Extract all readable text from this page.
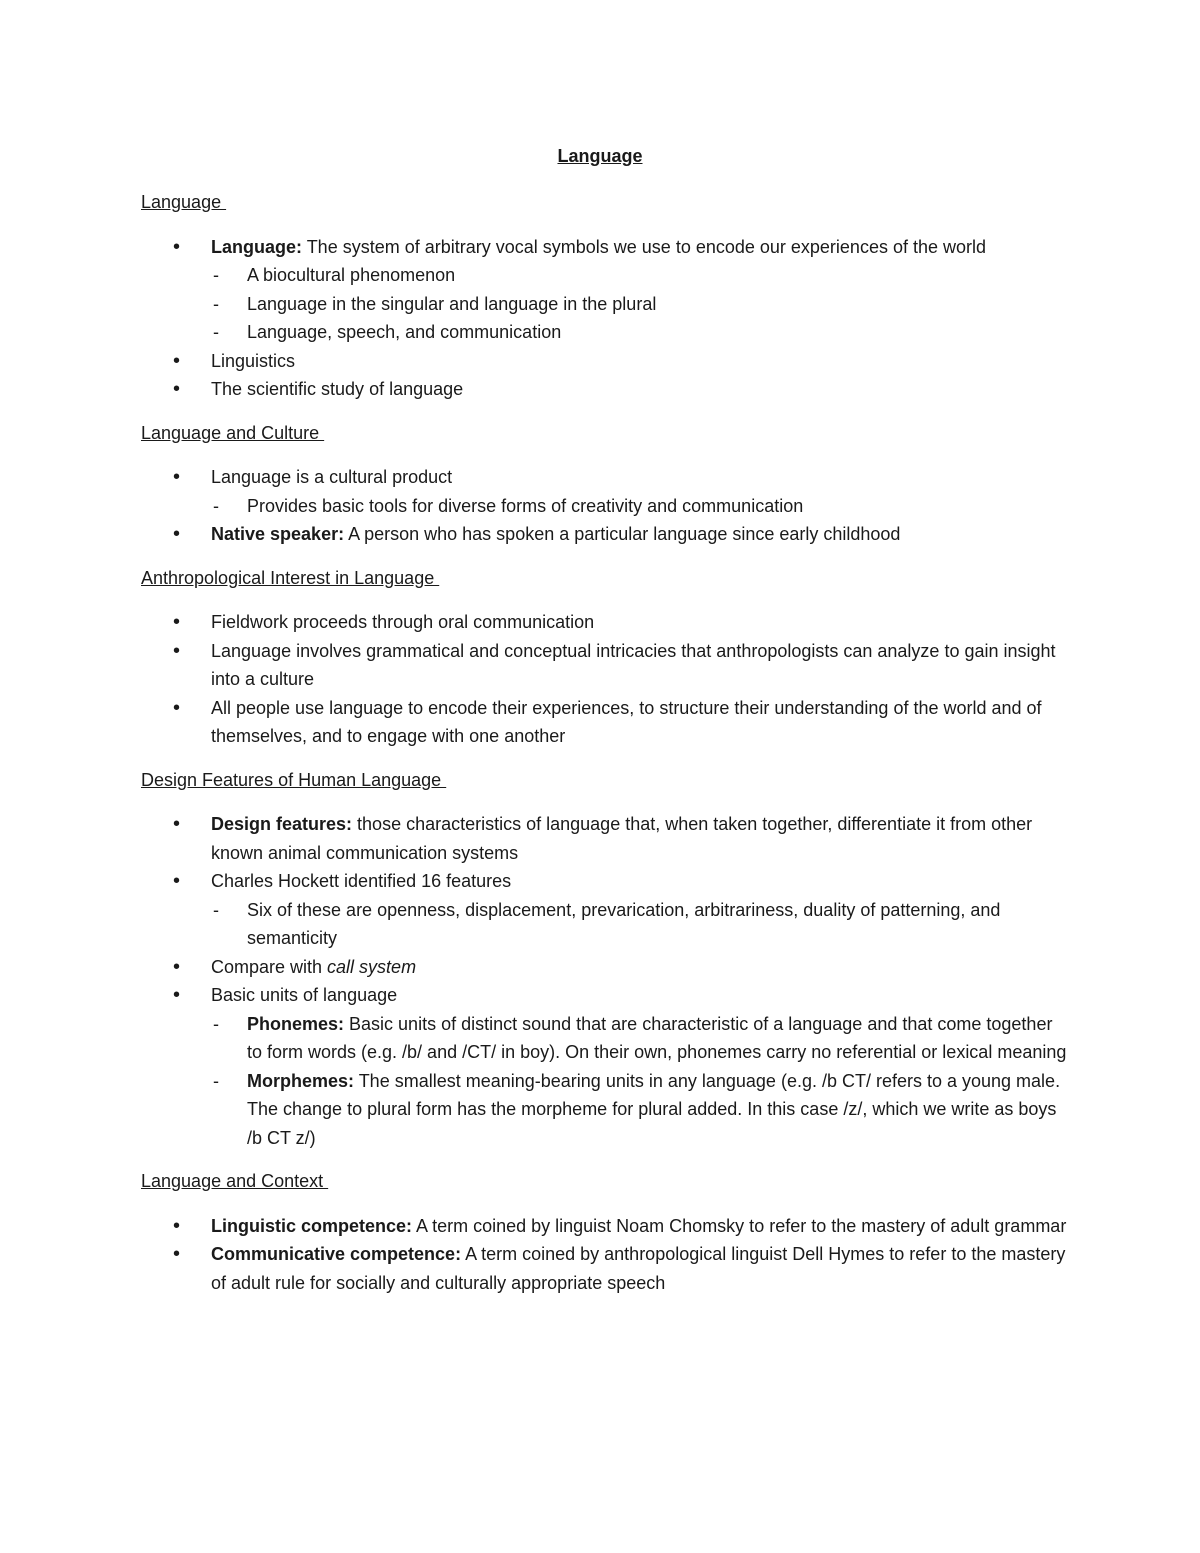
Language
Language
• Language: The system of arbitrary vocal symbols we use to encode our experiences of the world
- A biocultural phenomenon
- Language in the singular and language in the plural
- Language, speech, and communication
• Linguistics
• The scientific study of language
Language and Culture
• Language is a cultural product
- Provides basic tools for diverse forms of creativity and communication
• Native speaker: A person who has spoken a particular language since early childhood
Anthropological Interest in Language
• Fieldwork proceeds through oral communication
• Language involves grammatical and conceptual intricacies that anthropologists can analyze to gain insight into a culture
• All people use language to encode their experiences, to structure their understanding of the world and of themselves, and to engage with one another
Design Features of Human Language
• Design features: those characteristics of language that, when taken together, differentiate it from other known animal communication systems
• Charles Hockett identified 16 features
- Six of these are openness, displacement, prevarication, arbitrariness, duality of patterning, and semanticity
• Compare with call system
• Basic units of language
- Phonemes: Basic units of distinct sound that are characteristic of a language and that come together to form words (e.g. /b/ and /CT/ in boy). On their own, phonemes carry no referential or lexical meaning
- Morphemes: The smallest meaning-bearing units in any language (e.g. /b CT/ refers to a young male. The change to plural form has the morpheme for plural added. In this case /z/, which we write as boys /b CT z/)
Language and Context
• Linguistic competence: A term coined by linguist Noam Chomsky to refer to the mastery of adult grammar
• Communicative competence: A term coined by anthropological linguist Dell Hymes to refer to the mastery of adult rule for socially and culturally appropriate speech
